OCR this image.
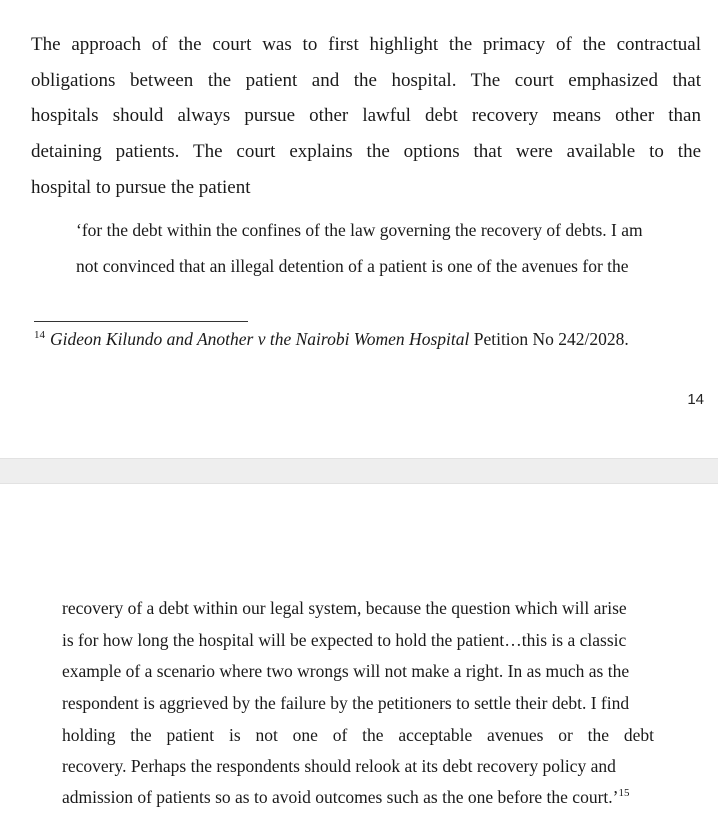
The approach of the court was to first highlight the primacy of the contractual
obligations between the patient and the hospital. The court emphasized that
hospitals should always pursue other lawful debt recovery means other than
detaining patients. The court explains the options that were available to the
hospital to pursue the patient
‘for the debt within the confines of the law governing the recovery of debts. I am
not convinced that an illegal detention of a patient is one of the avenues for the
$^{14}$ Gideon Kilundo and Another v the Nairobi Women Hospital Petition No 242/2028.
14
recovery of a debt within our legal system, because the question which will arise
is for how long the hospital will be expected to hold the patient…this is a classic
example of a scenario where two wrongs will not make a right. In as much as the
respondent is aggrieved by the failure by the petitioners to settle their debt. I find
holding the patient is not one of the acceptable avenues or the debt
recovery. Perhaps the respondents should relook at its debt recovery policy and
admission of patients so as to avoid outcomes such as the one before the court.’$^{15}$
